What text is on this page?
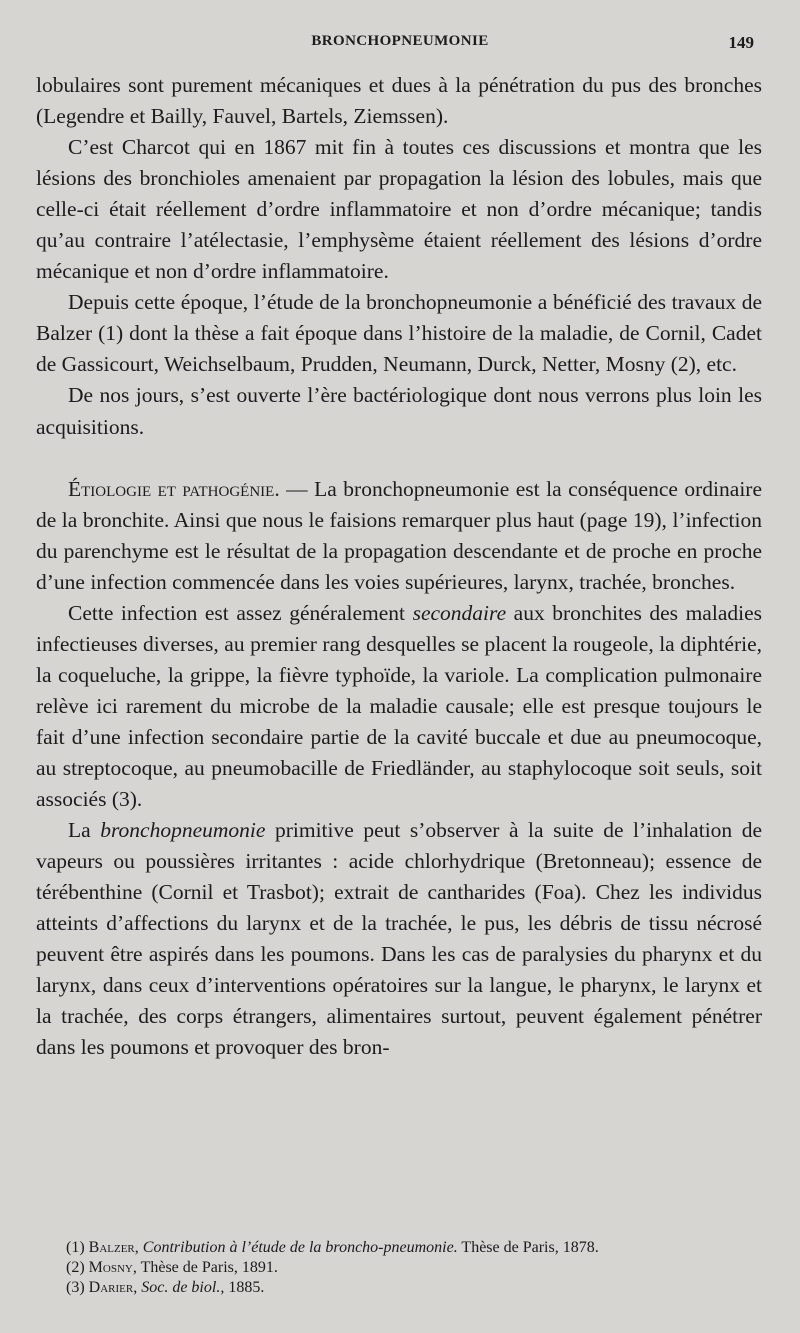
BRONCHOPNEUMONIE	149

lobulaires sont purement mécaniques et dues à la pénétration du pus des bronches (Legendre et Bailly, Fauvel, Bartels, Ziemssen).

C’est Charcot qui en 1867 mit fin à toutes ces discussions et montra que les lésions des bronchioles amenaient par propagation la lésion des lobules, mais que celle-ci était réellement d’ordre inflammatoire et non d’ordre mécanique; tandis qu’au contraire l’atélectasie, l’emphysème étaient réellement des lésions d’ordre mécanique et non d’ordre inflammatoire.

Depuis cette époque, l’étude de la bronchopneumonie a bénéficié des travaux de Balzer (1) dont la thèse a fait époque dans l’histoire de la maladie, de Cornil, Cadet de Gassicourt, Weichselbaum, Prudden, Neumann, Durck, Netter, Mosny (2), etc.

De nos jours, s’est ouverte l’ère bactériologique dont nous verrons plus loin les acquisitions.

Étiologie et pathogénie. — La bronchopneumonie est la conséquence ordinaire de la bronchite. Ainsi que nous le faisions remarquer plus haut (page 19), l’infection du parenchyme est le résultat de la propagation descendante et de proche en proche d’une infection commencée dans les voies supérieures, larynx, trachée, bronches.

Cette infection est assez généralement secondaire aux bronchites des maladies infectieuses diverses, au premier rang desquelles se placent la rougeole, la diphtérie, la coqueluche, la grippe, la fièvre typhoïde, la variole. La complication pulmonaire relève ici rarement du microbe de la maladie causale; elle est presque toujours le fait d’une infection secondaire partie de la cavité buccale et due au pneumocoque, au streptocoque, au pneumobacille de Friedländer, au staphylocoque soit seuls, soit associés (3).

La bronchopneumonie primitive peut s’observer à la suite de l’inhalation de vapeurs ou poussières irritantes : acide chlorhydrique (Bretonneau); essence de térébenthine (Cornil et Trasbot); extrait de cantharides (Foa). Chez les individus atteints d’affections du larynx et de la trachée, le pus, les débris de tissu nécrosé peuvent être aspirés dans les poumons. Dans les cas de paralysies du pharynx et du larynx, dans ceux d’interventions opératoires sur la langue, le pharynx, le larynx et la trachée, des corps étrangers, alimentaires surtout, peuvent également pénétrer dans les poumons et provoquer des bron-

(1) Balzer, Contribution à l’étude de la broncho-pneumonie. Thèse de Paris, 1878.

(2) Mosny, Thèse de Paris, 1891.

(3) Darier, Soc. de biol., 1885.
